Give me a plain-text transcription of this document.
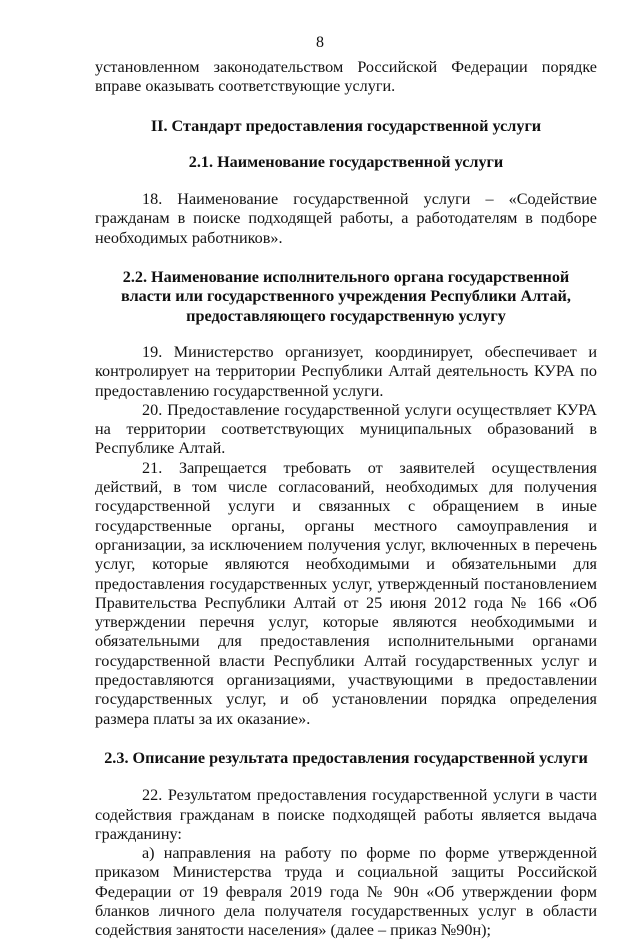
8

установленном законодательством Российской Федерации порядке вправе оказывать соответствующие услуги.

II. Стандарт предоставления государственной услуги
2.1. Наименование государственной услуги

18. Наименование государственной услуги – «Содействие гражданам в поиске подходящей работы, а работодателям в подборе необходимых работников».

2.2. Наименование исполнительного органа государственной
власти или государственного учреждения Республики Алтай,
предоставляющего государственную услугу

19. Министерство организует, координирует, обеспечивает и контролирует на территории Республики Алтай деятельность КУРА по предоставлению государственной услуги.

20. Предоставление государственной услуги осуществляет КУРА на территории соответствующих муниципальных образований в Республике Алтай.

21. Запрещается требовать от заявителей осуществления действий, в том числе согласований, необходимых для получения государственной услуги и связанных с обращением в иные государственные органы, органы местного самоуправления и организации, за исключением получения услуг, включенных в перечень услуг, которые являются необходимыми и обязательными для предоставления государственных услуг, утвержденный постановлением Правительства Республики Алтай от 25 июня 2012 года № 166 «Об утверждении перечня услуг, которые являются необходимыми и обязательными для предоставления исполнительными органами государственной власти Республики Алтай государственных услуг и предоставляются организациями, участвующими в предоставлении государственных услуг, и об установлении порядка определения размера платы за их оказание».

2.3. Описание результата предоставления государственной услуги

22. Результатом предоставления государственной услуги в части содействия гражданам в поиске подходящей работы является выдача гражданину:

а) направления на работу по форме по форме утвержденной приказом Министерства труда и социальной защиты Российской Федерации от 19 февраля 2019 года № 90н «Об утверждении форм бланков личного дела получателя государственных услуг в области содействия занятости населения» (далее – приказ №90н);
